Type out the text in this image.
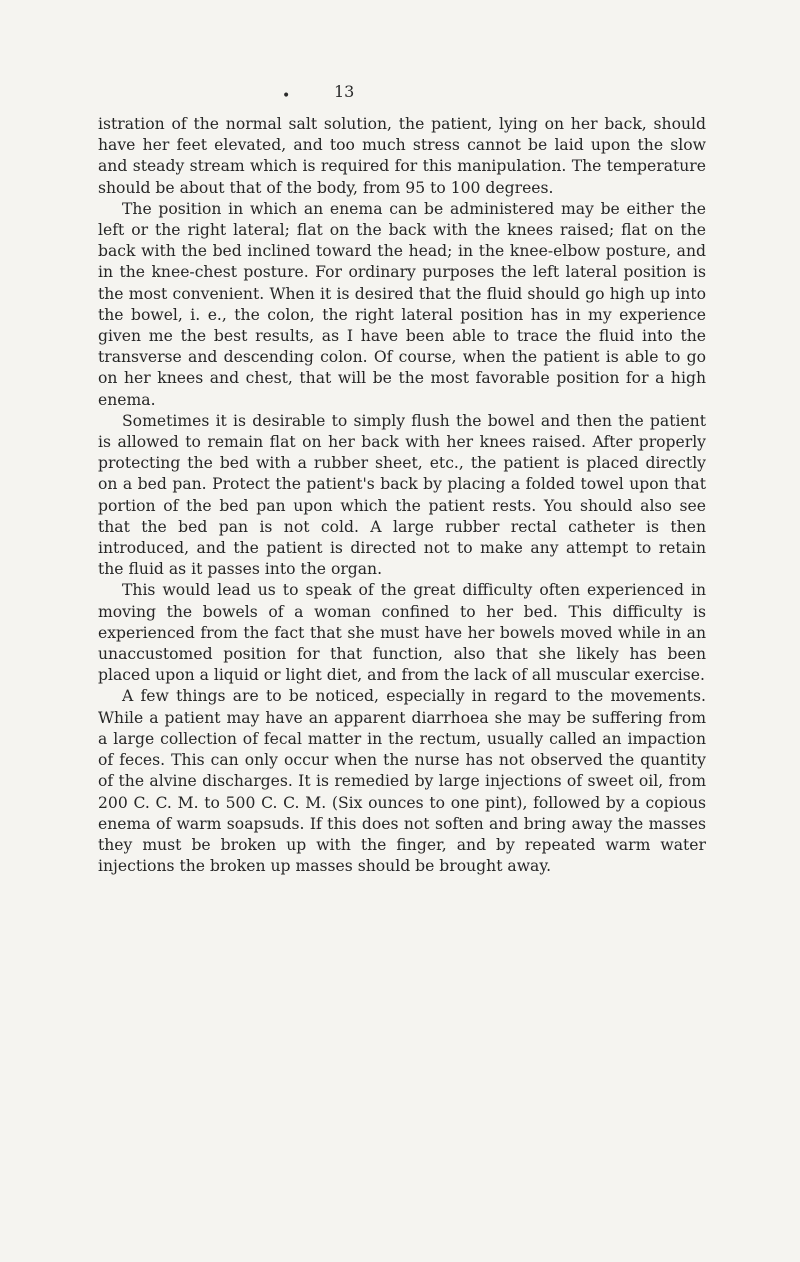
•	13

istration of the normal salt solution, the patient, lying on her back, should have her feet elevated, and too much stress cannot be laid upon the slow and steady stream which is required for this manipulation. The temperature should be about that of the body, from 95 to 100 degrees.

The position in which an enema can be administered may be either the left or the right lateral; flat on the back with the knees raised; flat on the back with the bed inclined toward the head; in the knee-elbow posture, and in the knee-chest posture. For ordinary purposes the left lateral position is the most convenient. When it is desired that the fluid should go high up into the bowel, i. e., the colon, the right lateral position has in my experience given me the best results, as I have been able to trace the fluid into the transverse and descending colon. Of course, when the patient is able to go on her knees and chest, that will be the most favorable position for a high enema.

Sometimes it is desirable to simply flush the bowel and then the patient is allowed to remain flat on her back with her knees raised. After properly protecting the bed with a rubber sheet, etc., the patient is placed directly on a bed pan. Protect the patient's back by placing a folded towel upon that portion of the bed pan upon which the patient rests. You should also see that the bed pan is not cold. A large rubber rectal catheter is then introduced, and the patient is directed not to make any attempt to retain the fluid as it passes into the organ.

This would lead us to speak of the great difficulty often experienced in moving the bowels of a woman confined to her bed. This difficulty is experienced from the fact that she must have her bowels moved while in an unaccustomed position for that function, also that she likely has been placed upon a liquid or light diet, and from the lack of all muscular exercise.

A few things are to be noticed, especially in regard to the movements. While a patient may have an apparent diarrhoea she may be suffering from a large collection of fecal matter in the rectum, usually called an impaction of feces. This can only occur when the nurse has not observed the quantity of the alvine discharges. It is remedied by large injections of sweet oil, from 200 C. C. M. to 500 C. C. M. (Six ounces to one pint), followed by a copious enema of warm soapsuds. If this does not soften and bring away the masses they must be broken up with the finger, and by repeated warm water injections the broken up masses should be brought away.
